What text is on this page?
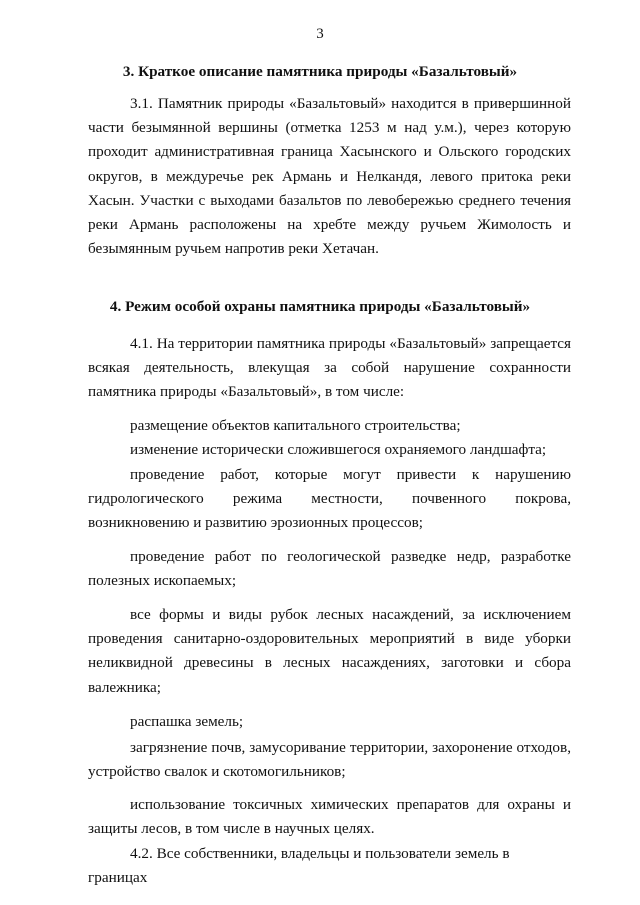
3
3. Краткое описание памятника природы «Базальтовый»
3.1. Памятник природы «Базальтовый» находится в привершинной части безымянной вершины (отметка 1253 м над у.м.), через которую проходит административная граница Хасынского и Ольского городских округов, в междуречье рек Армань и Нелкандя, левого притока реки Хасын. Участки с выходами базальтов по левобережью среднего течения реки Армань расположены на хребте между ручьем Жимолость и безымянным ручьем напротив реки Хетачан.
4. Режим особой охраны памятника природы «Базальтовый»
4.1. На территории памятника природы «Базальтовый» запрещается всякая деятельность, влекущая за собой нарушение сохранности памятника природы «Базальтовый», в том числе:
размещение объектов капитального строительства;
изменение исторически сложившегося охраняемого ландшафта;
проведение работ, которые могут привести к нарушению гидрологического режима местности, почвенного покрова, возникновению и развитию эрозионных процессов;
проведение работ по геологической разведке недр, разработке полезных ископаемых;
все формы и виды рубок лесных насаждений, за исключением проведения санитарно-оздоровительных мероприятий в виде уборки неликвидной древесины в лесных насаждениях, заготовки и сбора валежника;
распашка земель;
загрязнение почв, замусоривание территории, захоронение отходов, устройство свалок и скотомогильников;
использование токсичных химических препаратов для охраны и защиты лесов, в том числе в научных целях.
4.2. Все собственники, владельцы и пользователи земель в границах
